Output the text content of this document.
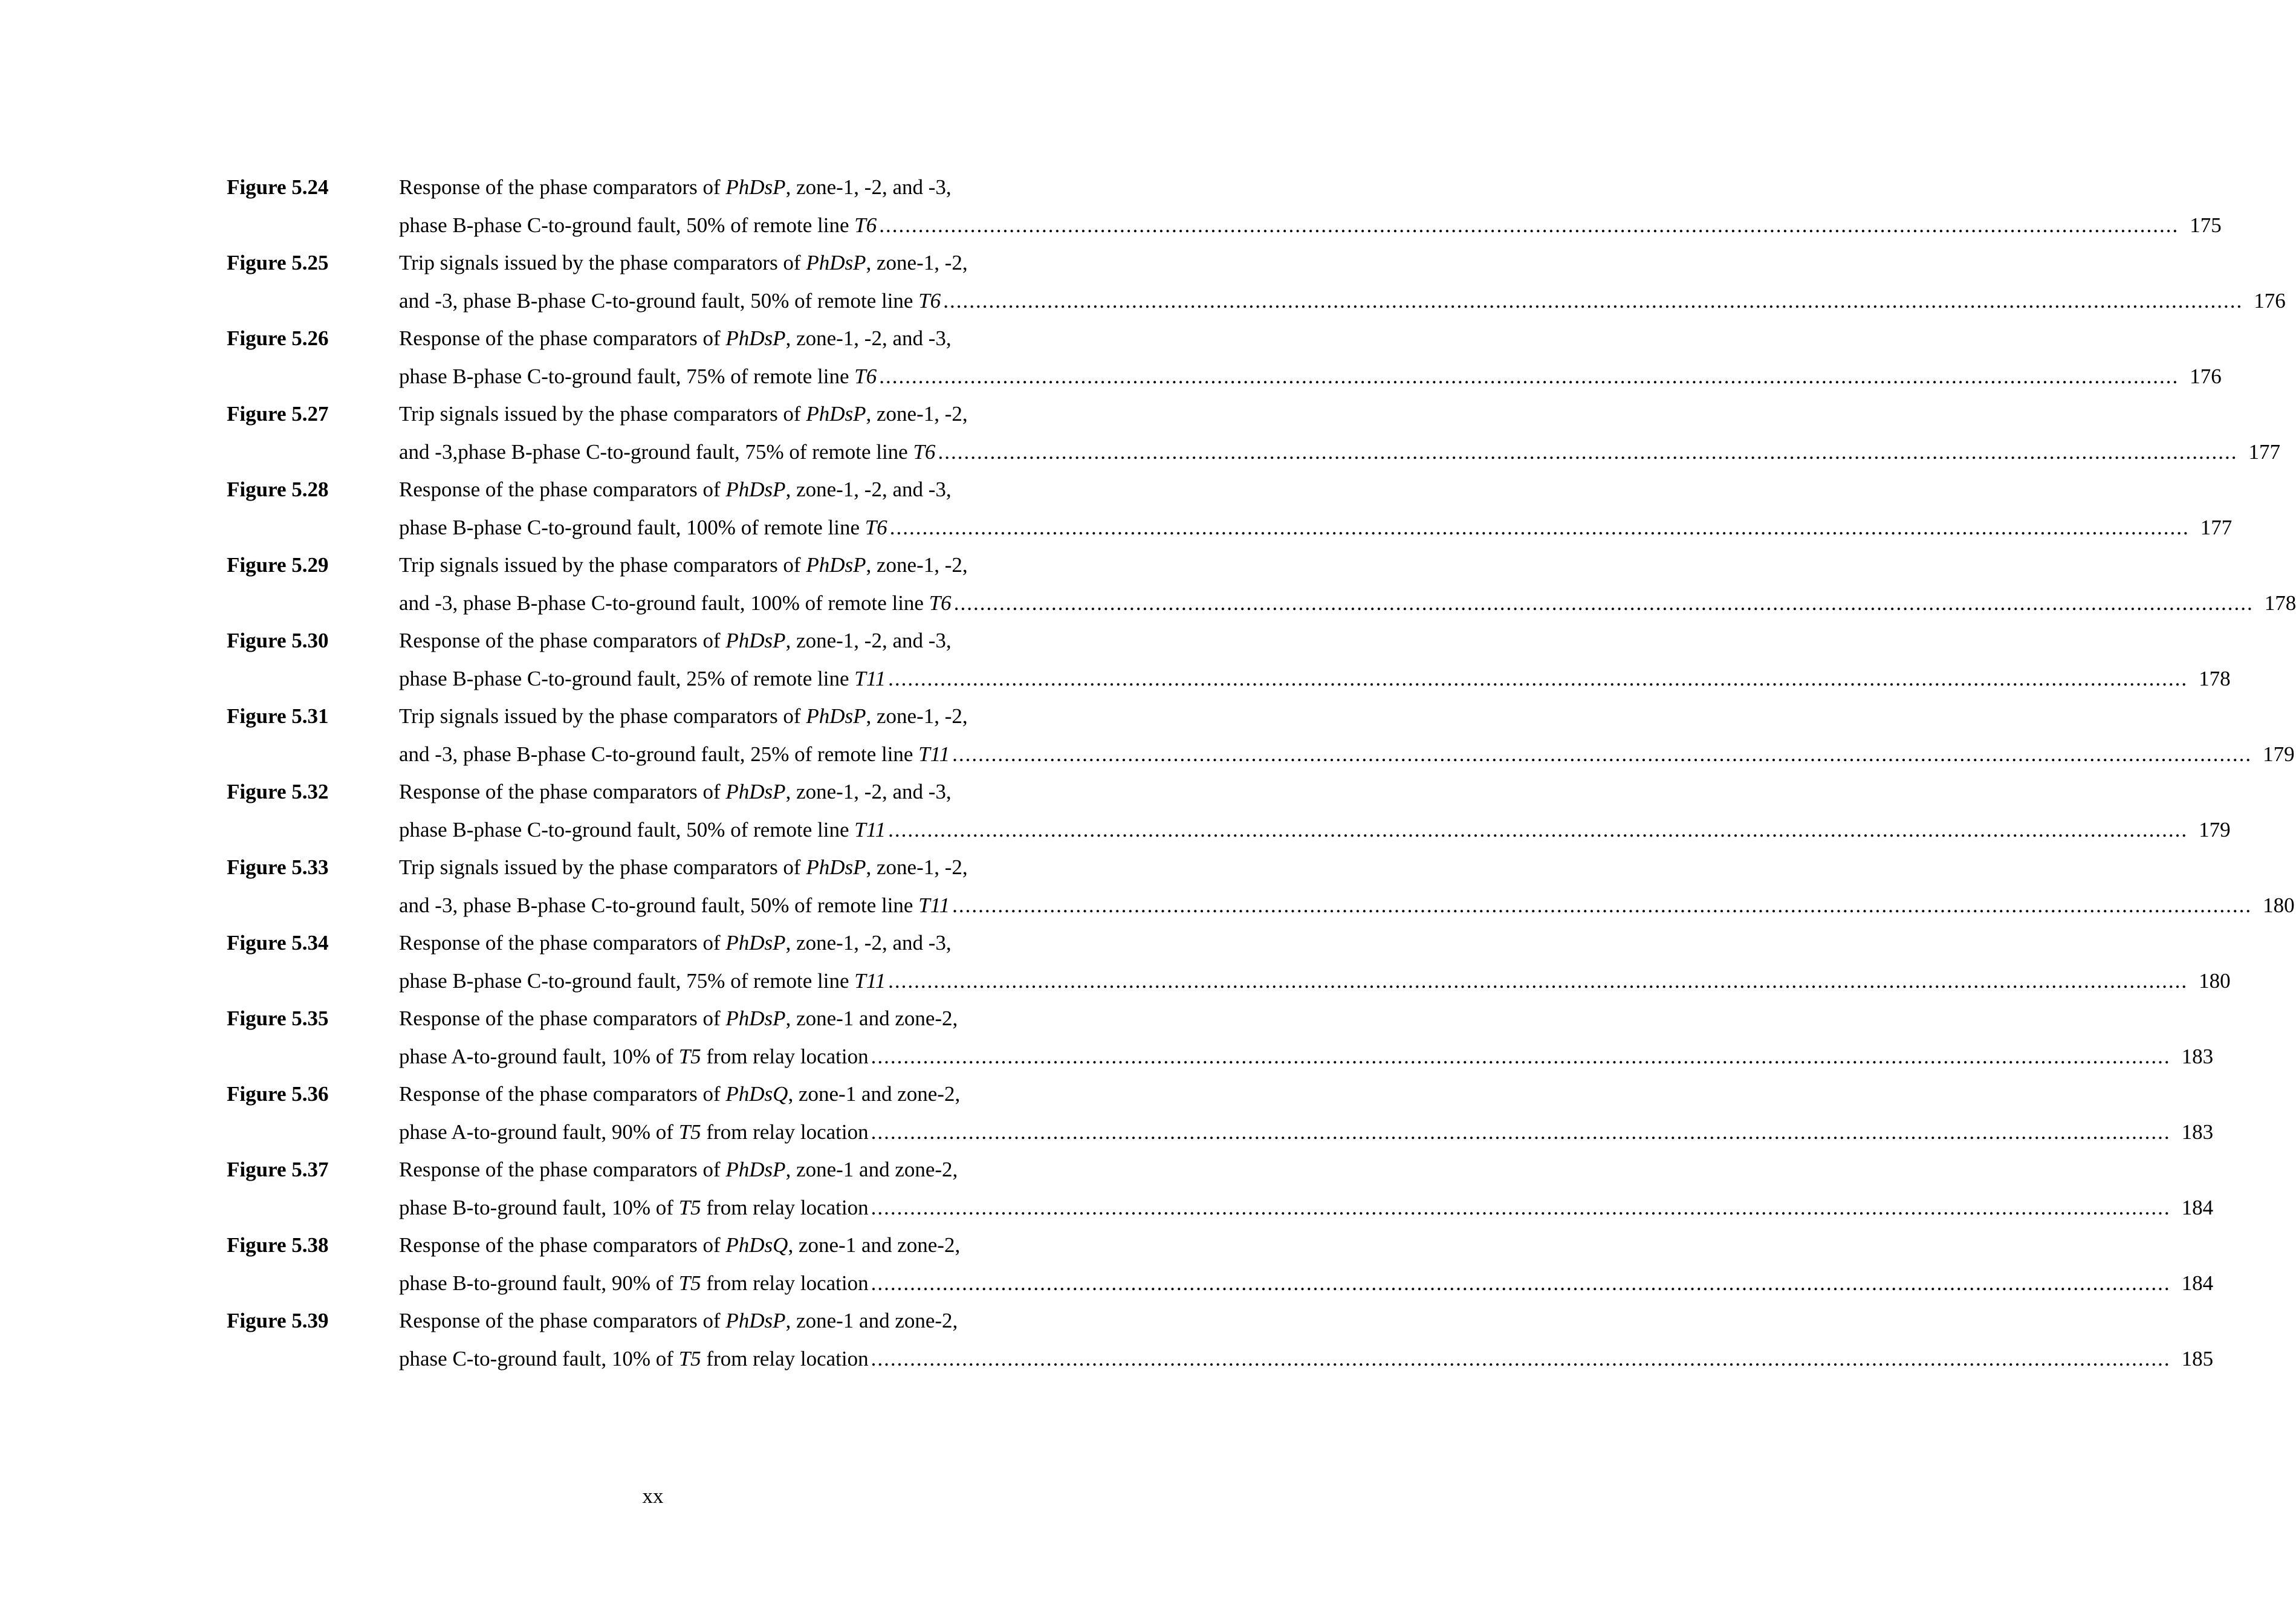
Figure 5.24	Response of the phase comparators of PhDsP, zone-1, -2, and -3,
phase B-phase C-to-ground fault, 50% of remote line T6 ........................................................................................................................................................................................................ 175
Figure 5.25	Trip signals issued by the phase comparators of PhDsP, zone-1, -2,
and -3, phase B-phase C-to-ground fault, 50% of remote line T6 ........................................................................................................................................................................................................ 176
Figure 5.26	Response of the phase comparators of PhDsP, zone-1, -2, and -3,
phase B-phase C-to-ground fault, 75% of remote line T6 ........................................................................................................................................................................................................ 176
Figure 5.27	Trip signals issued by the phase comparators of PhDsP, zone-1, -2,
and -3,phase B-phase C-to-ground fault, 75% of remote line T6 ........................................................................................................................................................................................................ 177
Figure 5.28	Response of the phase comparators of PhDsP, zone-1, -2, and -3,
phase B-phase C-to-ground fault, 100% of remote line T6 ........................................................................................................................................................................................................ 177
Figure 5.29	Trip signals issued by the phase comparators of PhDsP, zone-1, -2,
and -3, phase B-phase C-to-ground fault, 100% of remote line T6 ........................................................................................................................................................................................................ 178
Figure 5.30	Response of the phase comparators of PhDsP, zone-1, -2, and -3,
phase B-phase C-to-ground fault, 25% of remote line T11 ........................................................................................................................................................................................................ 178
Figure 5.31	Trip signals issued by the phase comparators of PhDsP, zone-1, -2,
and -3, phase B-phase C-to-ground fault, 25% of remote line T11 ........................................................................................................................................................................................................ 179
Figure 5.32	Response of the phase comparators of PhDsP, zone-1, -2, and -3,
phase B-phase C-to-ground fault, 50% of remote line T11 ........................................................................................................................................................................................................ 179
Figure 5.33	Trip signals issued by the phase comparators of PhDsP, zone-1, -2,
and -3, phase B-phase C-to-ground fault, 50% of remote line T11 ........................................................................................................................................................................................................ 180
Figure 5.34	Response of the phase comparators of PhDsP, zone-1, -2, and -3,
phase B-phase C-to-ground fault, 75% of remote line T11 ........................................................................................................................................................................................................ 180
Figure 5.35	Response of the phase comparators of PhDsP, zone-1 and zone-2,
phase A-to-ground fault, 10% of T5 from relay location ........................................................................................................................................................................................................ 183
Figure 5.36	Response of the phase comparators of PhDsQ, zone-1 and zone-2,
phase A-to-ground fault, 90% of T5 from relay location ........................................................................................................................................................................................................ 183
Figure 5.37	Response of the phase comparators of PhDsP, zone-1 and zone-2,
phase B-to-ground fault, 10% of T5 from relay location ........................................................................................................................................................................................................ 184
Figure 5.38	Response of the phase comparators of PhDsQ, zone-1 and zone-2,
phase B-to-ground fault, 90% of T5 from relay location ........................................................................................................................................................................................................ 184
Figure 5.39	Response of the phase comparators of PhDsP, zone-1 and zone-2,
phase C-to-ground fault, 10% of T5 from relay location ........................................................................................................................................................................................................ 185
xx
